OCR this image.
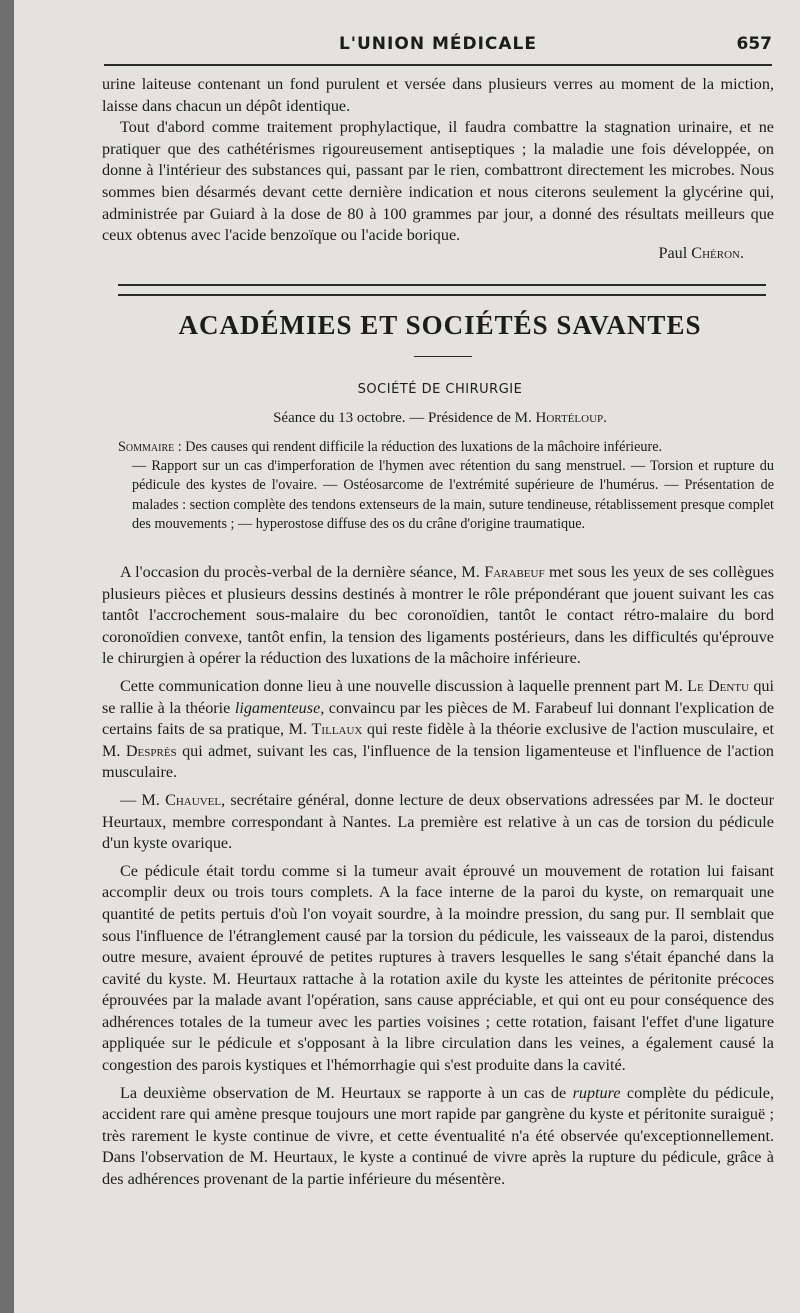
L'UNION MÉDICALE	657

urine laiteuse contenant un fond purulent et versée dans plusieurs verres au moment de la miction, laisse dans chacun un dépôt identique.

Tout d'abord comme traitement prophylactique, il faudra combattre la stagnation urinaire, et ne pratiquer que des cathétérismes rigoureusement antiseptiques ; la maladie une fois développée, on donne à l'intérieur des substances qui, passant par le rien, combattront directement les microbes. Nous sommes bien désarmés devant cette dernière indication et nous citerons seulement la glycérine qui, administrée par Guiard à la dose de 80 à 100 grammes par jour, a donné des résultats meilleurs que ceux obtenus avec l'acide benzoïque ou l'acide borique.

Paul Chéron.
ACADÉMIES ET SOCIÉTÉS SAVANTES
SOCIÉTÉ DE CHIRURGIE
Séance du 13 octobre. — Présidence de M. Hortéloup.
Sommaire : Des causes qui rendent difficile la réduction des luxations de la mâchoire inférieure.
— Rapport sur un cas d'imperforation de l'hymen avec rétention du sang menstruel. — Torsion et rupture du pédicule des kystes de l'ovaire. — Ostéosarcome de l'extrémité supérieure de l'humérus. — Présentation de malades : section complète des tendons extenseurs de la main, suture tendineuse, rétablissement presque complet des mouvements ; — hyperostose diffuse des os du crâne d'origine traumatique.

A l'occasion du procès-verbal de la dernière séance, M. Farabeuf met sous les yeux de ses collègues plusieurs pièces et plusieurs dessins destinés à montrer le rôle prépondérant que jouent suivant les cas tantôt l'accrochement sous-malaire du bec coronoïdien, tantôt le contact rétro-malaire du bord coronoïdien convexe, tantôt enfin, la tension des ligaments postérieurs, dans les difficultés qu'éprouve le chirurgien à opérer la réduction des luxations de la mâchoire inférieure.

Cette communication donne lieu à une nouvelle discussion à laquelle prennent part M. Le Dentu qui se rallie à la théorie ligamenteuse, convaincu par les pièces de M. Farabeuf lui donnant l'explication de certains faits de sa pratique, M. Tillaux qui reste fidèle à la théorie exclusive de l'action musculaire, et M. Desprès qui admet, suivant les cas, l'influence de la tension ligamenteuse et l'influence de l'action musculaire.

— M. Chauvel, secrétaire général, donne lecture de deux observations adressées par M. le docteur Heurtaux, membre correspondant à Nantes. La première est relative à un cas de torsion du pédicule d'un kyste ovarique.

Ce pédicule était tordu comme si la tumeur avait éprouvé un mouvement de rotation lui faisant accomplir deux ou trois tours complets. A la face interne de la paroi du kyste, on remarquait une quantité de petits pertuis d'où l'on voyait sourdre, à la moindre pression, du sang pur. Il semblait que sous l'influence de l'étranglement causé par la torsion du pédicule, les vaisseaux de la paroi, distendus outre mesure, avaient éprouvé de petites ruptures à travers lesquelles le sang s'était épanché dans la cavité du kyste. M. Heurtaux rattache à la rotation axile du kyste les atteintes de péritonite précoces éprouvées par la malade avant l'opération, sans cause appréciable, et qui ont eu pour conséquence des adhérences totales de la tumeur avec les parties voisines ; cette rotation, faisant l'effet d'une ligature appliquée sur le pédicule et s'opposant à la libre circulation dans les veines, a également causé la congestion des parois kystiques et l'hémorrhagie qui s'est produite dans la cavité.

La deuxième observation de M. Heurtaux se rapporte à un cas de rupture complète du pédicule, accident rare qui amène presque toujours une mort rapide par gangrène du kyste et péritonite suraiguë ; très rarement le kyste continue de vivre, et cette éventualité n'a été observée qu'exceptionnellement. Dans l'observation de M. Heurtaux, le kyste a continué de vivre après la rupture du pédicule, grâce à des adhérences provenant de la partie inférieure du mésentère.
